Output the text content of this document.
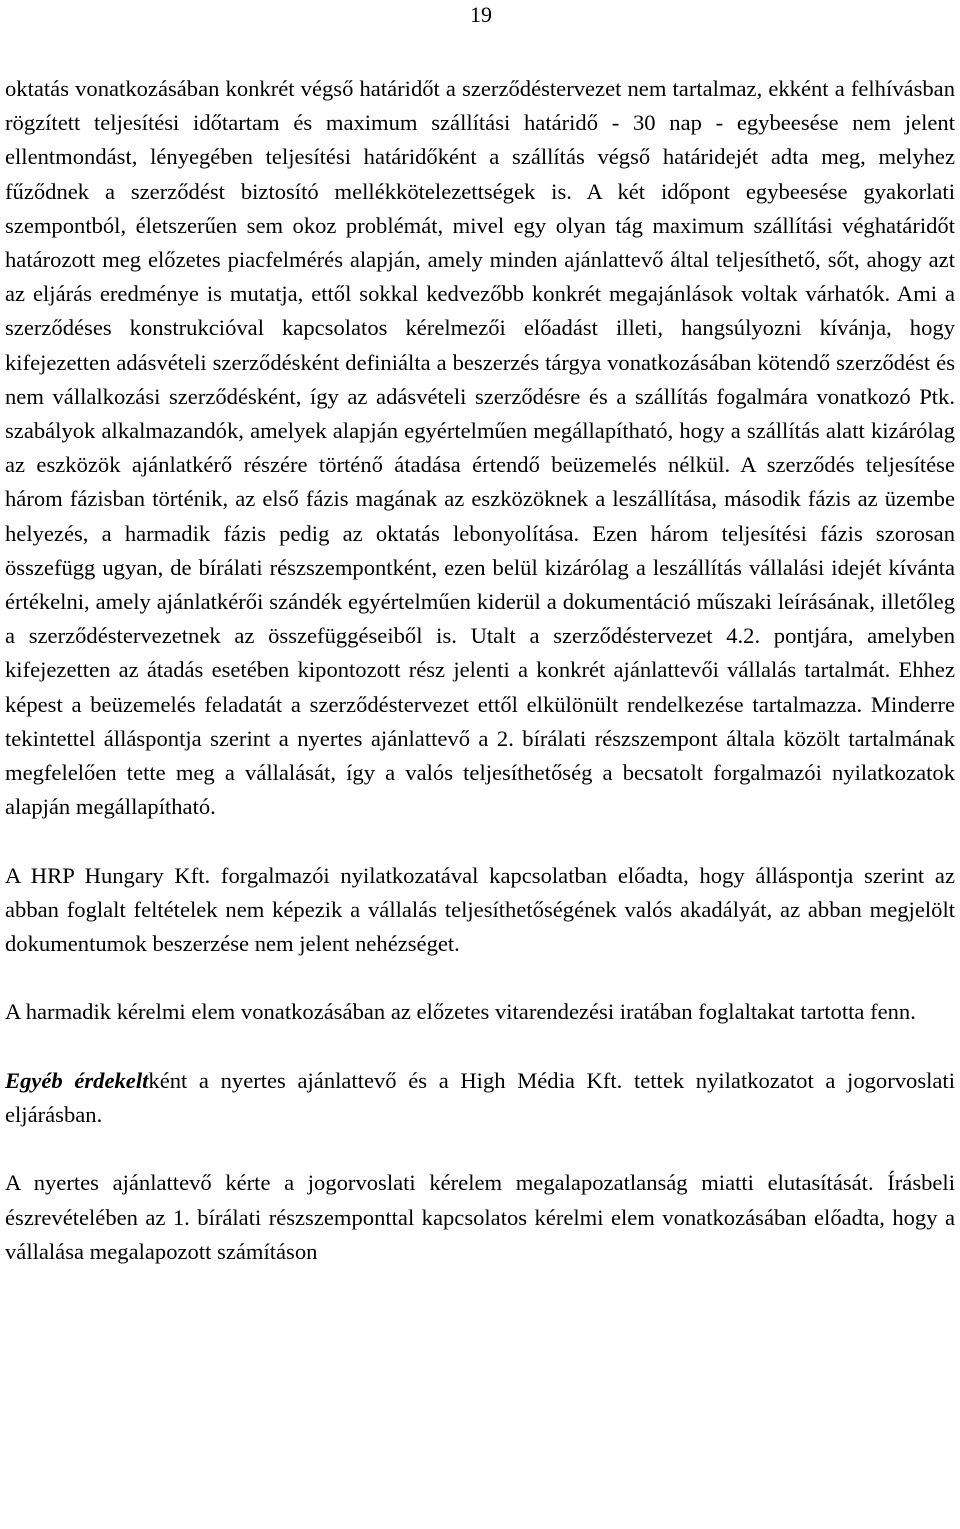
19

oktatás vonatkozásában konkrét végső határidőt a szerződéstervezet nem tartalmaz, ekként a felhívásban rögzített teljesítési időtartam és maximum szállítási határidő - 30 nap - egybeesése nem jelent ellentmondást, lényegében teljesítési határidőként a szállítás végső határidejét adta meg, melyhez fűződnek a szerződést biztosító mellékkötelezettségek is. A két időpont egybeesése gyakorlati szempontból, életszerűen sem okoz problémát, mivel egy olyan tág maximum szállítási véghatáridőt határozott meg előzetes piacfelmérés alapján, amely minden ajánlattevő által teljesíthető, sőt, ahogy azt az eljárás eredménye is mutatja, ettől sokkal kedvezőbb konkrét megajánlások voltak várhatók. Ami a szerződéses konstrukcióval kapcsolatos kérelmezői előadást illeti, hangsúlyozni kívánja, hogy kifejezetten adásvételi szerződésként definiálta a beszerzés tárgya vonatkozásában kötendő szerződést és nem vállalkozási szerződésként, így az adásvételi szerződésre és a szállítás fogalmára vonatkozó Ptk. szabályok alkalmazandók, amelyek alapján egyértelműen megállapítható, hogy a szállítás alatt kizárólag az eszközök ajánlatkérő részére történő átadása értendő beüzemelés nélkül. A szerződés teljesítése három fázisban történik, az első fázis magának az eszközöknek a leszállítása, második fázis az üzembe helyezés, a harmadik fázis pedig az oktatás lebonyolítása. Ezen három teljesítési fázis szorosan összefügg ugyan, de bírálati részszempontként, ezen belül kizárólag a leszállítás vállalási idejét kívánta értékelni, amely ajánlatkérői szándék egyértelműen kiderül a dokumentáció műszaki leírásának, illetőleg a szerződéstervezetnek az összefüggéseiből is. Utalt a szerződéstervezet 4.2. pontjára, amelyben kifejezetten az átadás esetében kipontozott rész jelenti a konkrét ajánlattevői vállalás tartalmát. Ehhez képest a beüzemelés feladatát a szerződéstervezet ettől elkülönült rendelkezése tartalmazza. Minderre tekintettel álláspontja szerint a nyertes ajánlattevő a 2. bírálati részszempont általa közölt tartalmának megfelelően tette meg a vállalását, így a valós teljesíthetőség a becsatolt forgalmazói nyilatkozatok alapján megállapítható.

A HRP Hungary Kft. forgalmazói nyilatkozatával kapcsolatban előadta, hogy álláspontja szerint az abban foglalt feltételek nem képezik a vállalás teljesíthetőségének valós akadályát, az abban megjelölt dokumentumok beszerzése nem jelent nehézséget.

A harmadik kérelmi elem vonatkozásában az előzetes vitarendezési iratában foglaltakat tartotta fenn.

Egyéb érdekeltként a nyertes ajánlattevő és a High Média Kft. tettek nyilatkozatot a jogorvoslati eljárásban.

A nyertes ajánlattevő kérte a jogorvoslati kérelem megalapozatlanság miatti elutasítását. Írásbeli észrevételében az 1. bírálati részszemponttal kapcsolatos kérelmi elem vonatkozásában előadta, hogy a vállalása megalapozott számításon
